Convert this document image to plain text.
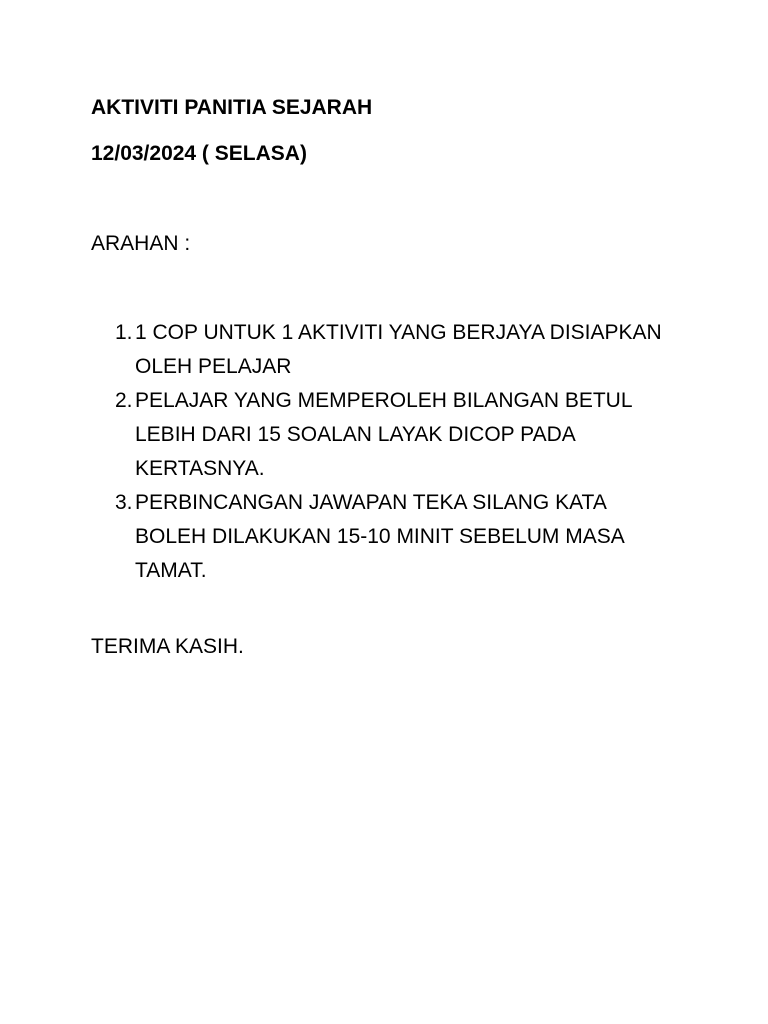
AKTIVITI PANITIA SEJARAH

12/03/2024 ( SELASA)

ARAHAN :

1. 1 COP UNTUK 1 AKTIVITI YANG BERJAYA DISIAPKAN
OLEH PELAJAR
2. PELAJAR YANG MEMPEROLEH BILANGAN BETUL
LEBIH DARI 15 SOALAN LAYAK DICOP PADA
KERTASNYA.
3. PERBINCANGAN JAWAPAN TEKA SILANG KATA
BOLEH DILAKUKAN 15-10 MINIT SEBELUM MASA
TAMAT.

TERIMA KASIH.
